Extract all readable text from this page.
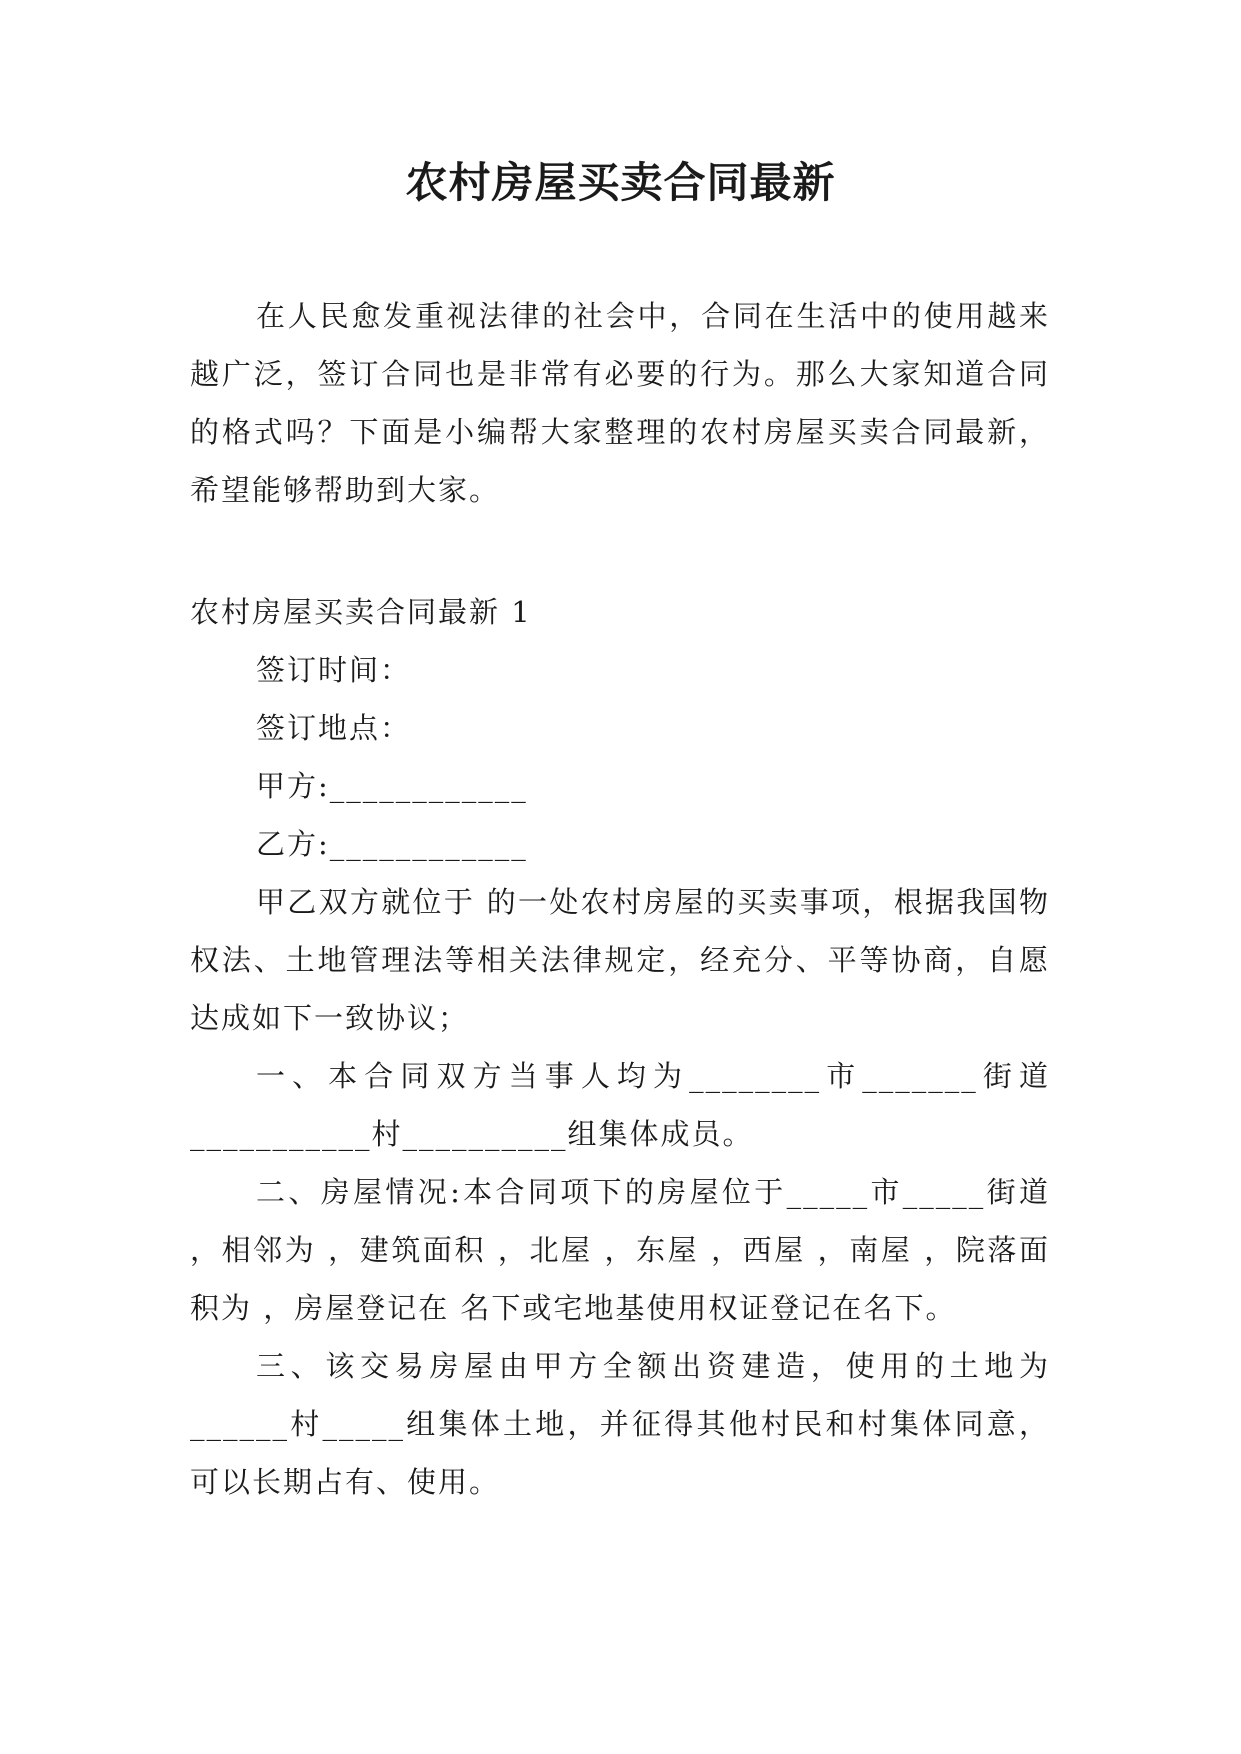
农村房屋买卖合同最新

在人民愈发重视法律的社会中，合同在生活中的使用越来越广泛，签订合同也是非常有必要的行为。那么大家知道合同的格式吗？下面是小编帮大家整理的农村房屋买卖合同最新，希望能够帮助到大家。

农村房屋买卖合同最新 1

签订时间：

签订地点：

甲方:____________

乙方:____________

甲乙双方就位于 的一处农村房屋的买卖事项，根据我国物权法、土地管理法等相关法律规定，经充分、平等协商，自愿达成如下一致协议；

一、本合同双方当事人均为________市_______街道___________村__________组集体成员。

二、房屋情况:本合同项下的房屋位于_____市_____街道 ，相邻为 ，建筑面积 ，北屋 ，东屋 ，西屋 ，南屋 ，院落面积为 ，房屋登记在 名下或宅地基使用权证登记在名下。

三、该交易房屋由甲方全额出资建造，使用的土地为______村_____组集体土地，并征得其他村民和村集体同意，可以长期占有、使用。
